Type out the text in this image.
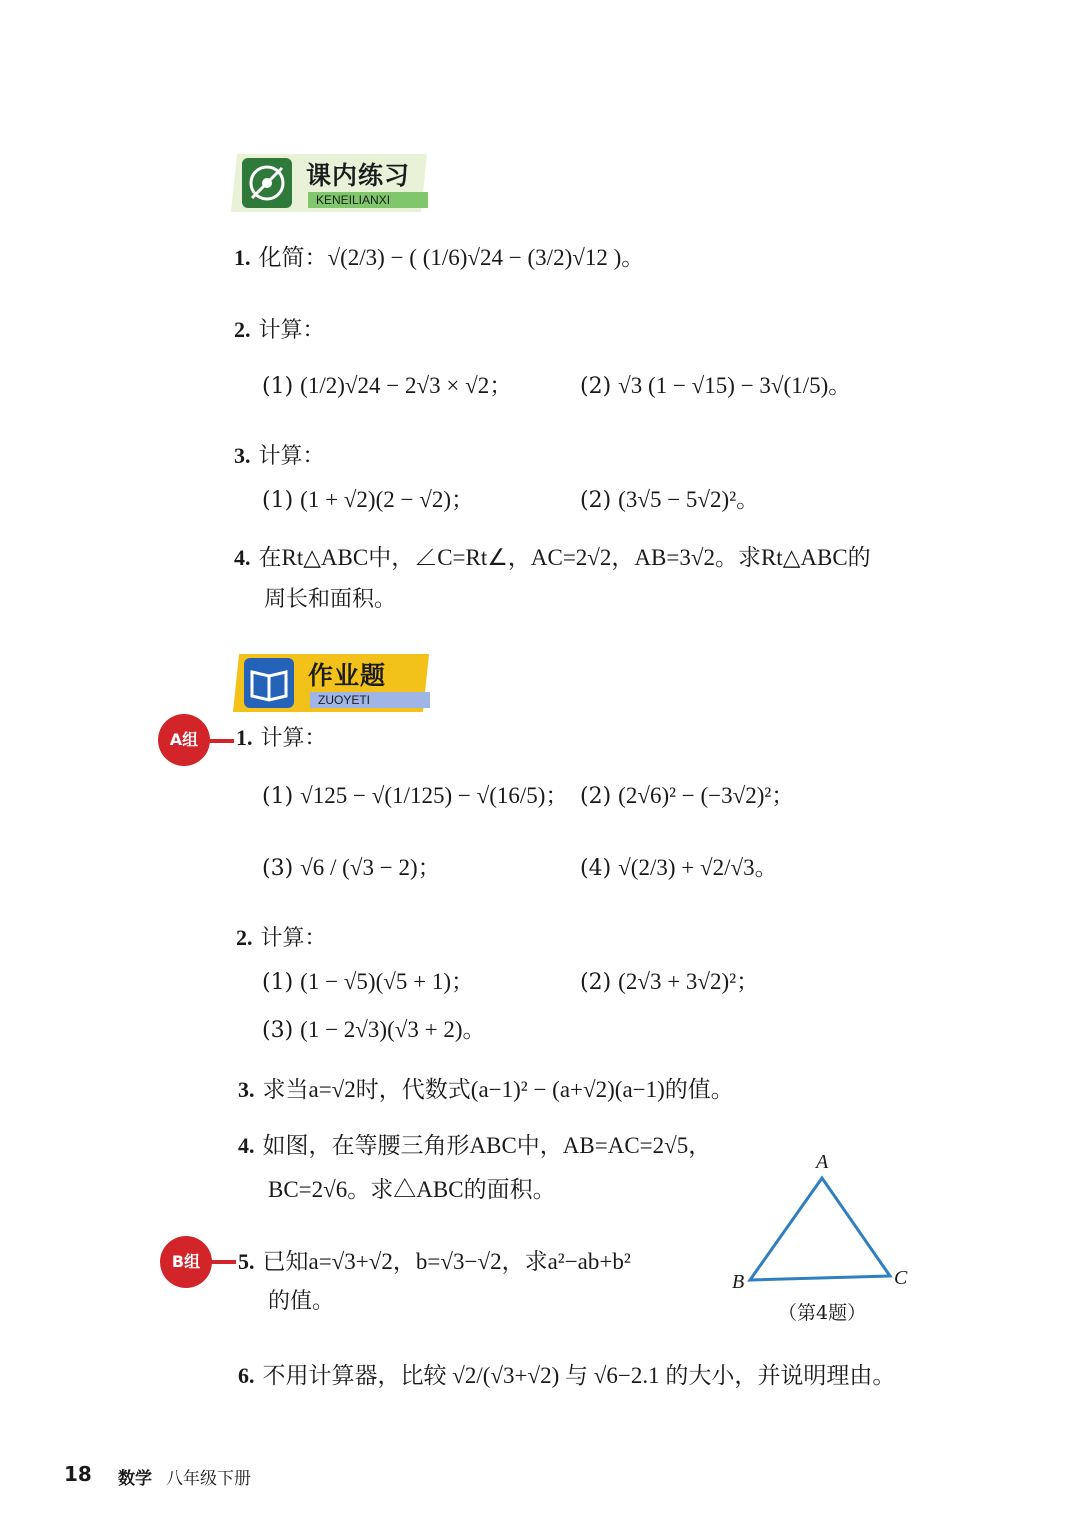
课内练习
KENEILIANXI
1. 化简：√(2/3) − ( (1/6)√24 − (3/2)√12 )。
2. 计算：
(1) (1/2)√24 − 2√3 × √2；	(2) √3 (1 − √15) − 3√(1/5)。
3. 计算：
(1) (1 + √2)(2 − √2)；	(2) (3√5 − 5√2)²。
4. 在Rt△ABC中，∠C=Rt∠，AC=2√2，AB=3√2。求Rt△ABC的
周长和面积。
作业题
ZUOYETI
A组	1. 计算：
(1) √125 − √(1/125) − √(16/5)； (2) (2√6)² − (−3√2)²；
(3) √6 / (√3 − 2)；	(4) √(2/3) + √2/√3。
2. 计算：
(1) (1 − √5)(√5 + 1)；	(2) (2√3 + 3√2)²；
(3) (1 − 2√3)(√3 + 2)。
3. 求当a=√2时，代数式(a−1)² − (a+√2)(a−1)的值。
4. 如图，在等腰三角形ABC中，AB=AC=2√5，
BC=2√6。求△ABC的面积。
B组	5. 已知a=√3+√2，b=√3−√2，求a²−ab+b²
的值。
6. 不用计算器，比较 √2/(√3+√2) 与 √6−2.1 的大小，并说明理由。
A
B	C
（第4题）
18 数学 八年级下册
